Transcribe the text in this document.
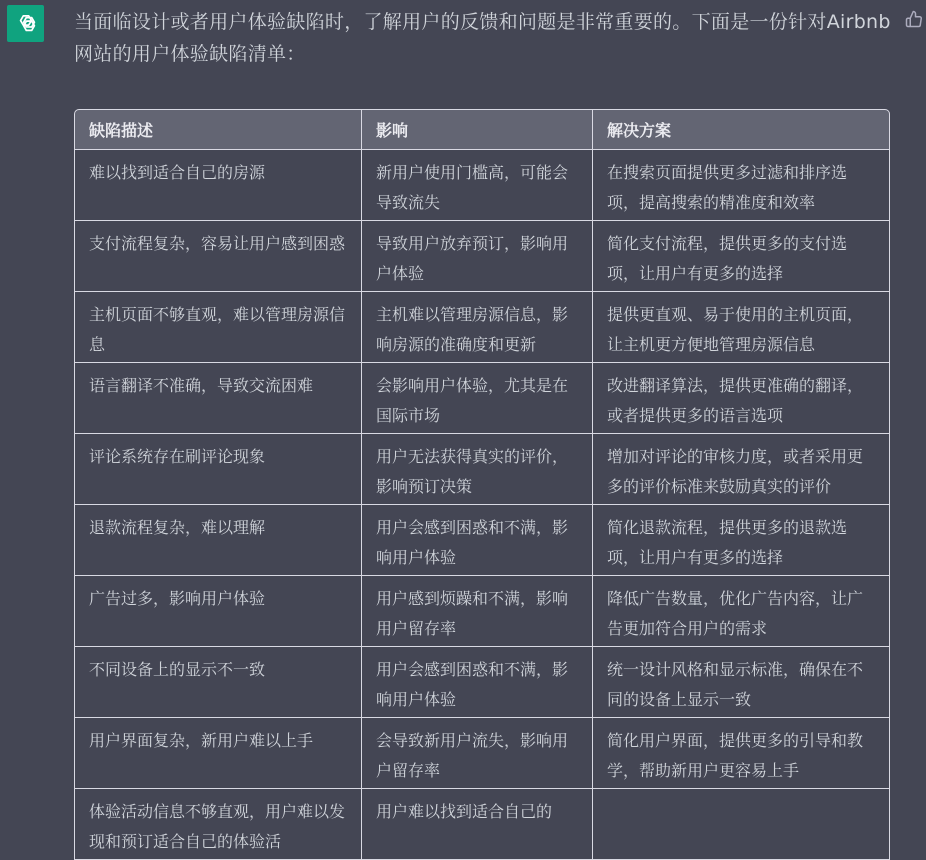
当面临设计或者用户体验缺陷时，了解用户的反馈和问题是非常重要的。下面是一份针对Airbnb网站的用户体验缺陷清单：

缺陷描述	影响	解决方案
难以找到适合自己的房源	新用户使用门槛高，可能会导致流失	在搜索页面提供更多过滤和排序选项，提高搜索的精准度和效率
支付流程复杂，容易让用户感到困惑	导致用户放弃预订，影响用户体验	简化支付流程，提供更多的支付选项，让用户有更多的选择
主机页面不够直观，难以管理房源信息	主机难以管理房源信息，影响房源的准确度和更新	提供更直观、易于使用的主机页面，让主机更方便地管理房源信息
语言翻译不准确，导致交流困难	会影响用户体验，尤其是在国际市场	改进翻译算法，提供更准确的翻译，或者提供更多的语言选项
评论系统存在刷评论现象	用户无法获得真实的评价，影响预订决策	增加对评论的审核力度，或者采用更多的评价标准来鼓励真实的评价
退款流程复杂，难以理解	用户会感到困惑和不满，影响用户体验	简化退款流程，提供更多的退款选项，让用户有更多的选择
广告过多，影响用户体验	用户感到烦躁和不满，影响用户留存率	降低广告数量，优化广告内容，让广告更加符合用户的需求
不同设备上的显示不一致	用户会感到困惑和不满，影响用户体验	统一设计风格和显示标准，确保在不同的设备上显示一致
用户界面复杂，新用户难以上手	会导致新用户流失，影响用户留存率	简化用户界面，提供更多的引导和教学，帮助新用户更容易上手
体验活动信息不够直观，用户难以发现和预订适合自己的体验活	用户难以找到适合自己的	
